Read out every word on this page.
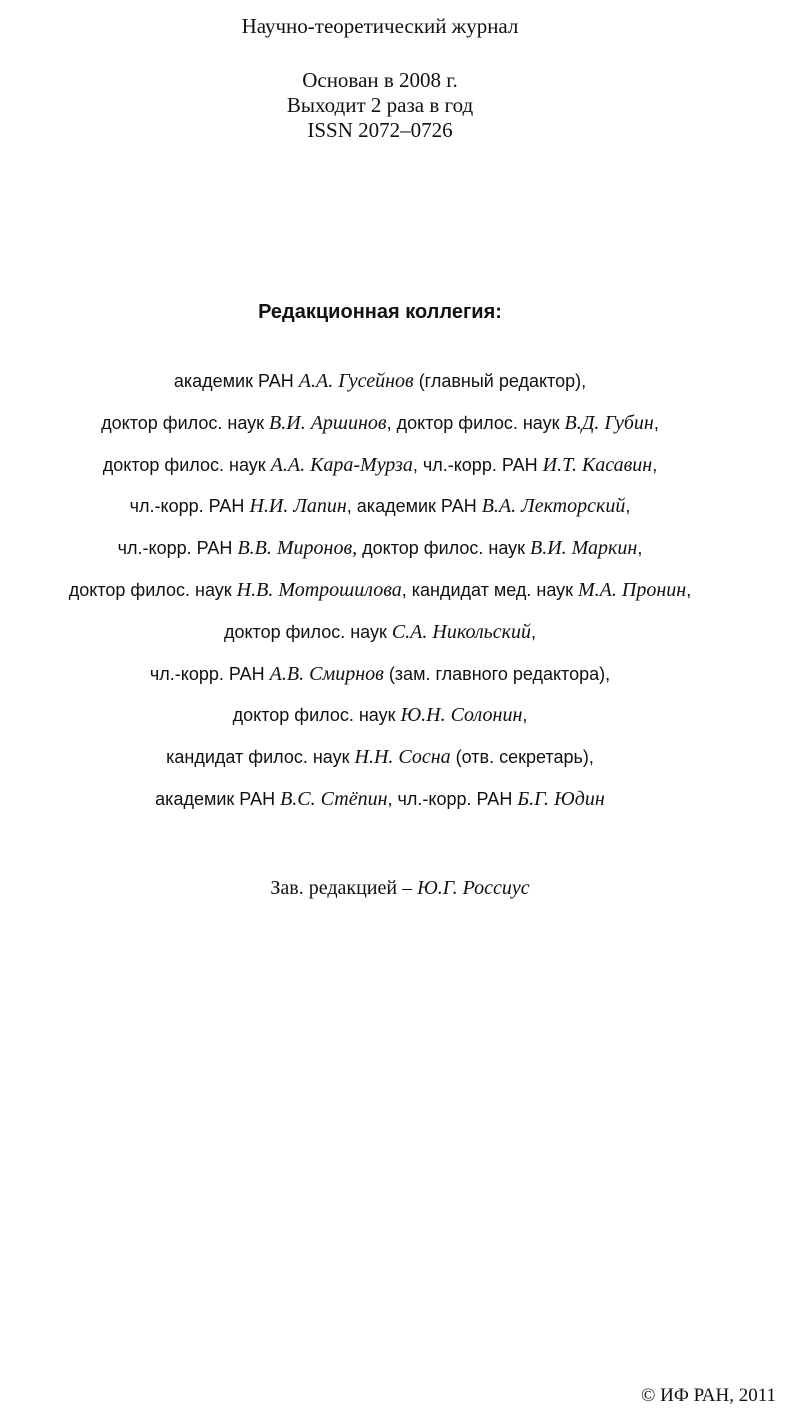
Научно-теоретический журнал
Основан в 2008 г.
Выходит 2 раза в год
ISSN 2072–0726
Редакционная коллегия:
академик РАН А.А. Гусейнов (главный редактор),
доктор филос. наук В.И. Аршинов, доктор филос. наук В.Д. Губин,
доктор филос. наук А.А. Кара-Мурза, чл.-корр. РАН И.Т. Касавин,
чл.-корр. РАН Н.И. Лапин, академик РАН В.А. Лекторский,
чл.-корр. РАН В.В. Миронов, доктор филос. наук В.И. Маркин,
доктор филос. наук Н.В. Мотрошилова, кандидат мед. наук М.А. Пронин,
доктор филос. наук С.А. Никольский,
чл.-корр. РАН А.В. Смирнов (зам. главного редактора),
доктор филос. наук Ю.Н. Солонин,
кандидат филос. наук Н.Н. Сосна (отв. секретарь),
академик РАН В.С. Стёпин, чл.-корр. РАН Б.Г. Юдин
Зав. редакцией – Ю.Г. Россиус
© ИФ РАН, 2011
